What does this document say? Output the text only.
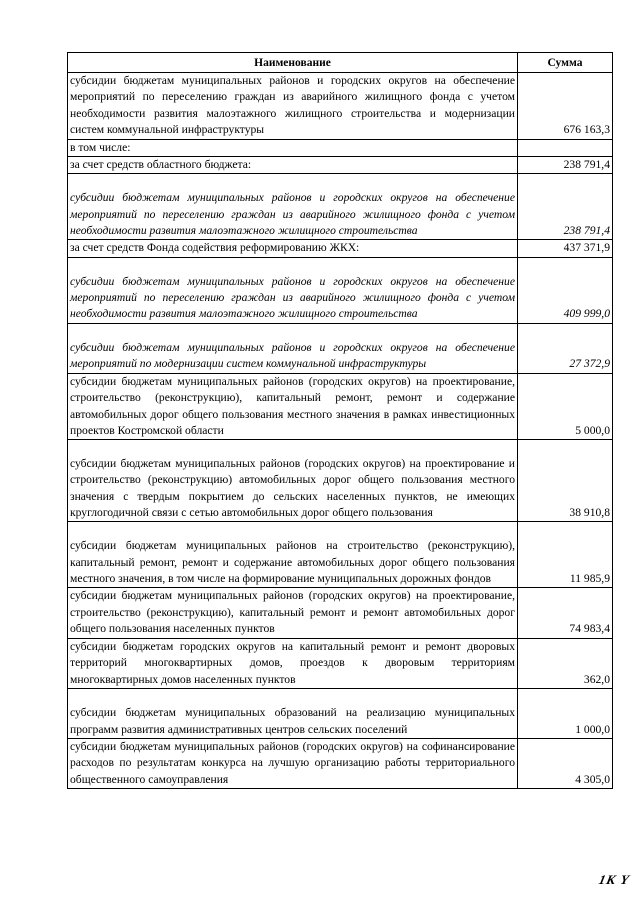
Наименование	Сумма
субсидии бюджетам муниципальных районов и городских округов на обеспечение мероприятий по переселению граждан из аварийного жилищного фонда с учетом необходимости развития малоэтажного жилищного строительства и модернизации систем коммунальной инфраструктуры	676 163,3
в том числе:	
за счет средств областного бюджета:	238 791,4
субсидии бюджетам муниципальных районов и городских округов на обеспечение мероприятий по переселению граждан из аварийного жилищного фонда с учетом необходимости развития малоэтажного жилищного строительства	238 791,4
за счет средств Фонда содействия реформированию ЖКХ:	437 371,9
субсидии бюджетам муниципальных районов и городских округов на обеспечение мероприятий по переселению граждан из аварийного жилищного фонда с учетом необходимости развития малоэтажного жилищного строительства	409 999,0
субсидии бюджетам муниципальных районов и городских округов на обеспечение мероприятий по модернизации систем коммунальной инфраструктуры	27 372,9
субсидии бюджетам муниципальных районов (городских округов) на проектирование, строительство (реконструкцию), капитальный ремонт, ремонт и содержание автомобильных дорог общего пользования местного значения в рамках инвестиционных проектов Костромской области	5 000,0
субсидии бюджетам муниципальных районов (городских округов) на проектирование и строительство (реконструкцию) автомобильных дорог общего пользования местного значения с твердым покрытием до сельских населенных пунктов, не имеющих круглогодичной связи с сетью автомобильных дорог общего пользования	38 910,8
субсидии бюджетам муниципальных районов на строительство (реконструкцию), капитальный ремонт, ремонт и содержание автомобильных дорог общего пользования местного значения, в том числе на формирование муниципальных дорожных фондов	11 985,9
субсидии бюджетам муниципальных районов (городских округов) на проектирование, строительство (реконструкцию), капитальный ремонт и ремонт автомобильных дорог общего пользования населенных пунктов	74 983,4
субсидии бюджетам городских округов на капитальный ремонт и ремонт дворовых территорий многоквартирных домов, проездов к дворовым территориям многоквартирных домов населенных пунктов	362,0
субсидии бюджетам муниципальных образований на реализацию муниципальных программ развития административных центров сельских поселений	1 000,0
субсидии бюджетам муниципальных районов (городских округов) на софинансирование расходов по результатам конкурса на лучшую организацию работы территориального общественного самоуправления	4 305,0
1К Ү
